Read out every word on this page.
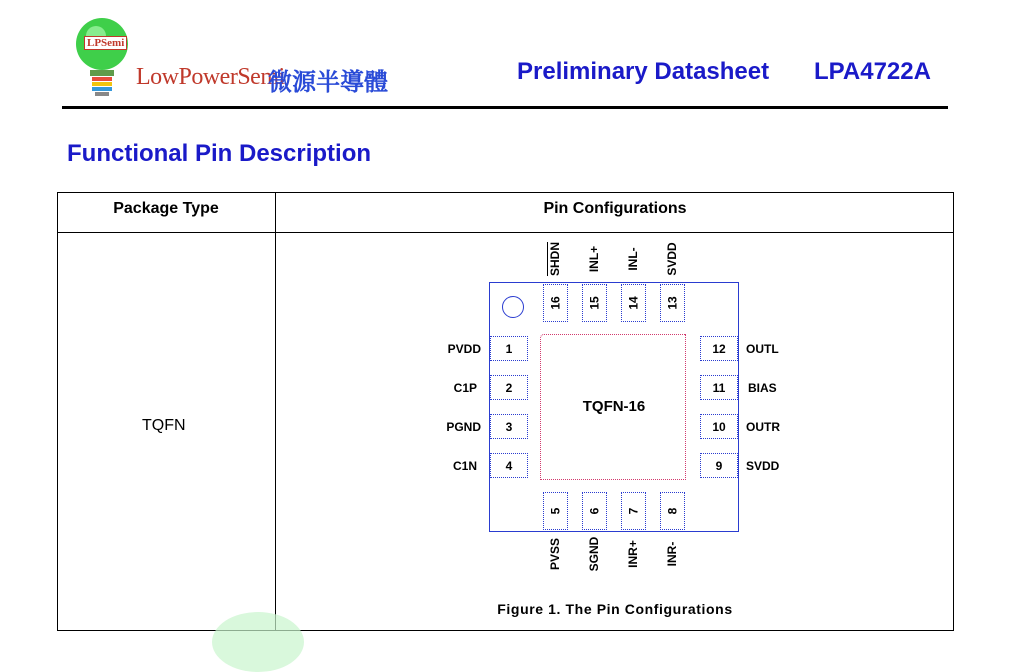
LPSemi
LowPowerSemi
微源半導體	Preliminary Datasheet LPA4722A
Functional Pin Description
Package Type	Pin Configurations
TQFN
TQFN-16
1
2
3
4
PVDD
C1P
PGND
C1N
12
11
10
9
OUTL
BIAS
OUTR
SVDD
16 15 14 13
SHDN INL+ INL- SVDD
5 6 7 8
PVSS SGND INR+ INR-
Figure 1. The Pin Configurations
